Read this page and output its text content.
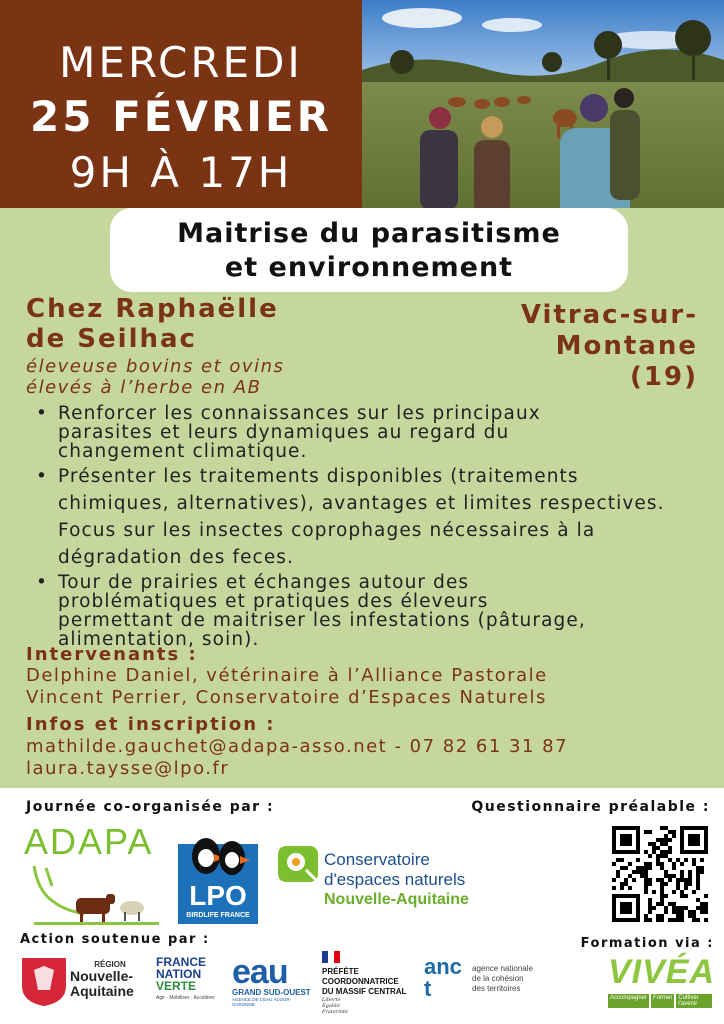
MERCREDI
25 FÉVRIER
9H À 17H
Maitrise du parasitisme
et environnement
Chez Raphaëlle
de Seilhac
éleveuse bovins et ovins
élevés à l’herbe en AB
Vitrac-sur-
Montane
(19)
• Renforcer les connaissances sur les principaux
parasites et leurs dynamiques au regard du
changement climatique.
• Présenter les traitements disponibles (traitements
chimiques, alternatives), avantages et limites respectives.
Focus sur les insectes coprophages nécessaires à la
dégradation des feces.
• Tour de prairies et échanges autour des
problématiques et pratiques des éleveurs
permettant de maitriser les infestations (pâturage,
alimentation, soin).
Intervenants :
Delphine Daniel, vétérinaire à l’Alliance Pastorale
Vincent Perrier, Conservatoire d’Espaces Naturels
Infos et inscription :
mathilde.gauchet@adapa-asso.net - 07 82 61 31 87
laura.taysse@lpo.fr
Journée co-organisée par :	Questionnaire préalable :
Action soutenue par :	Formation via :
ADAPA
LPO
BIRDLIFE FRANCE
Conservatoire
d'espaces naturels
Nouvelle-Aquitaine
RÉGION
Nouvelle-
Aquitaine
FRANCE
NATION
VERTE
Agir · Mobiliser · Accélérer
eau
GRAND SUD-OUEST
AGENCE DE L'EAU ADOUR-GARONNE
PRÉFÈTE
COORDONNATRICE
DU MASSIF CENTRAL
Liberté Égalité Fraternité
anct
agence nationale
de la cohésion
des territoires	VIVÉA
Accompagner	Former	Cultiver l'avenir
